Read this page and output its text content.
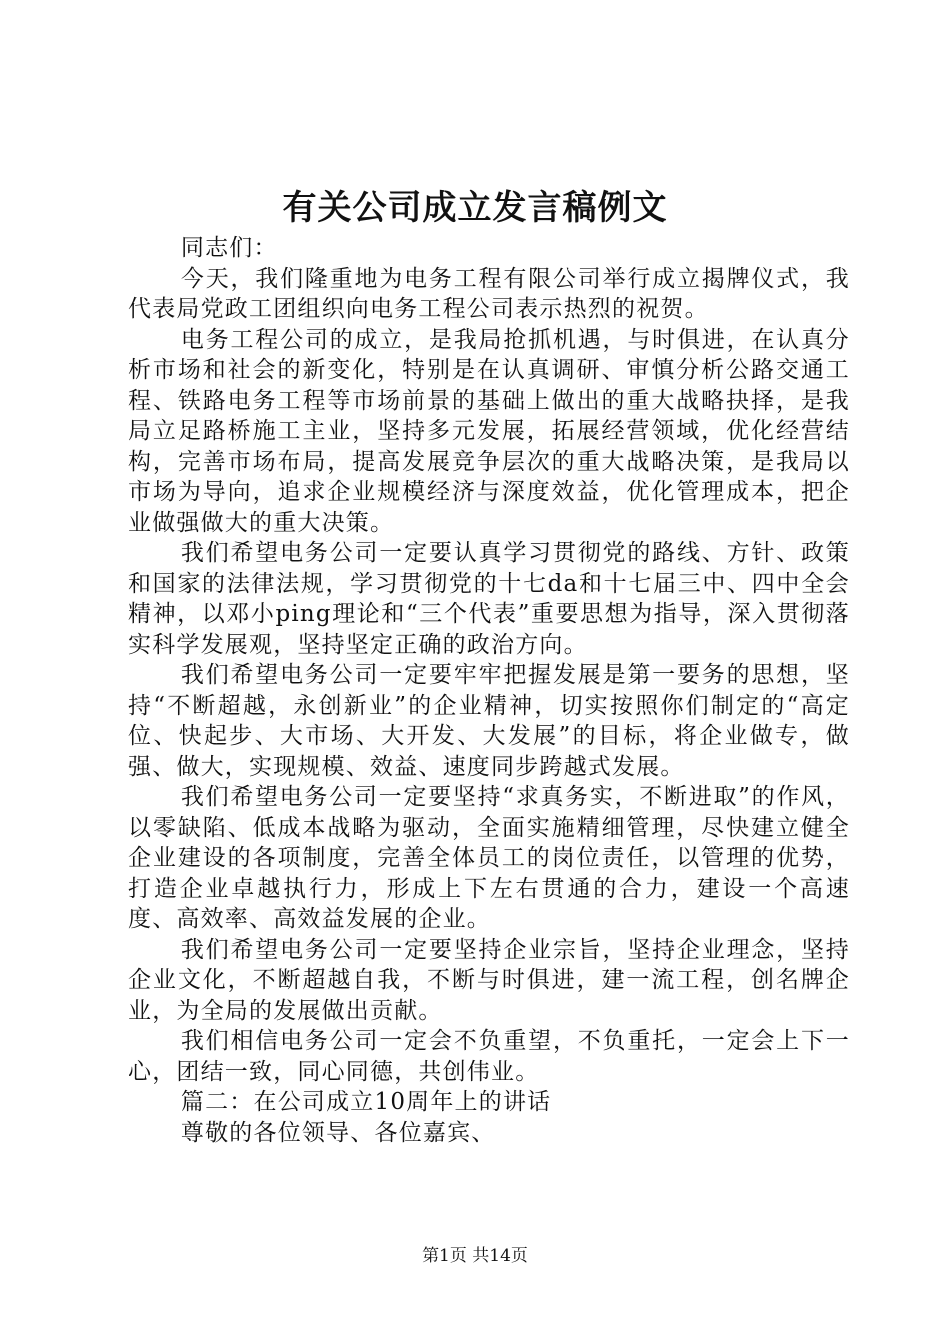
有关公司成立发言稿例文

同志们：

今天，我们隆重地为电务工程有限公司举行成立揭牌仪式，我代表局党政工团组织向电务工程公司表示热烈的祝贺。

电务工程公司的成立，是我局抢抓机遇，与时俱进，在认真分析市场和社会的新变化，特别是在认真调研、审慎分析公路交通工程、铁路电务工程等市场前景的基础上做出的重大战略抉择，是我局立足路桥施工主业，坚持多元发展，拓展经营领域，优化经营结构，完善市场布局，提高发展竞争层次的重大战略决策，是我局以市场为导向，追求企业规模经济与深度效益，优化管理成本，把企业做强做大的重大决策。

我们希望电务公司一定要认真学习贯彻党的路线、方针、政策和国家的法律法规，学习贯彻党的十七da和十七届三中、四中全会精神，以邓小ping理论和“三个代表”重要思想为指导，深入贯彻落实科学发展观，坚持坚定正确的政治方向。

我们希望电务公司一定要牢牢把握发展是第一要务的思想，坚持“不断超越，永创新业”的企业精神，切实按照你们制定的“高定位、快起步、大市场、大开发、大发展”的目标，将企业做专，做强、做大，实现规模、效益、速度同步跨越式发展。

我们希望电务公司一定要坚持“求真务实，不断进取”的作风，以零缺陷、低成本战略为驱动，全面实施精细管理，尽快建立健全企业建设的各项制度，完善全体员工的岗位责任，以管理的优势，打造企业卓越执行力，形成上下左右贯通的合力，建设一个高速度、高效率、高效益发展的企业。

我们希望电务公司一定要坚持企业宗旨，坚持企业理念，坚持企业文化，不断超越自我，不断与时俱进，建一流工程，创名牌企业，为全局的发展做出贡献。

我们相信电务公司一定会不负重望，不负重托，一定会上下一心，团结一致，同心同德，共创伟业。

篇二：在公司成立10周年上的讲话

尊敬的各位领导、各位嘉宾、

第1页 共14页
